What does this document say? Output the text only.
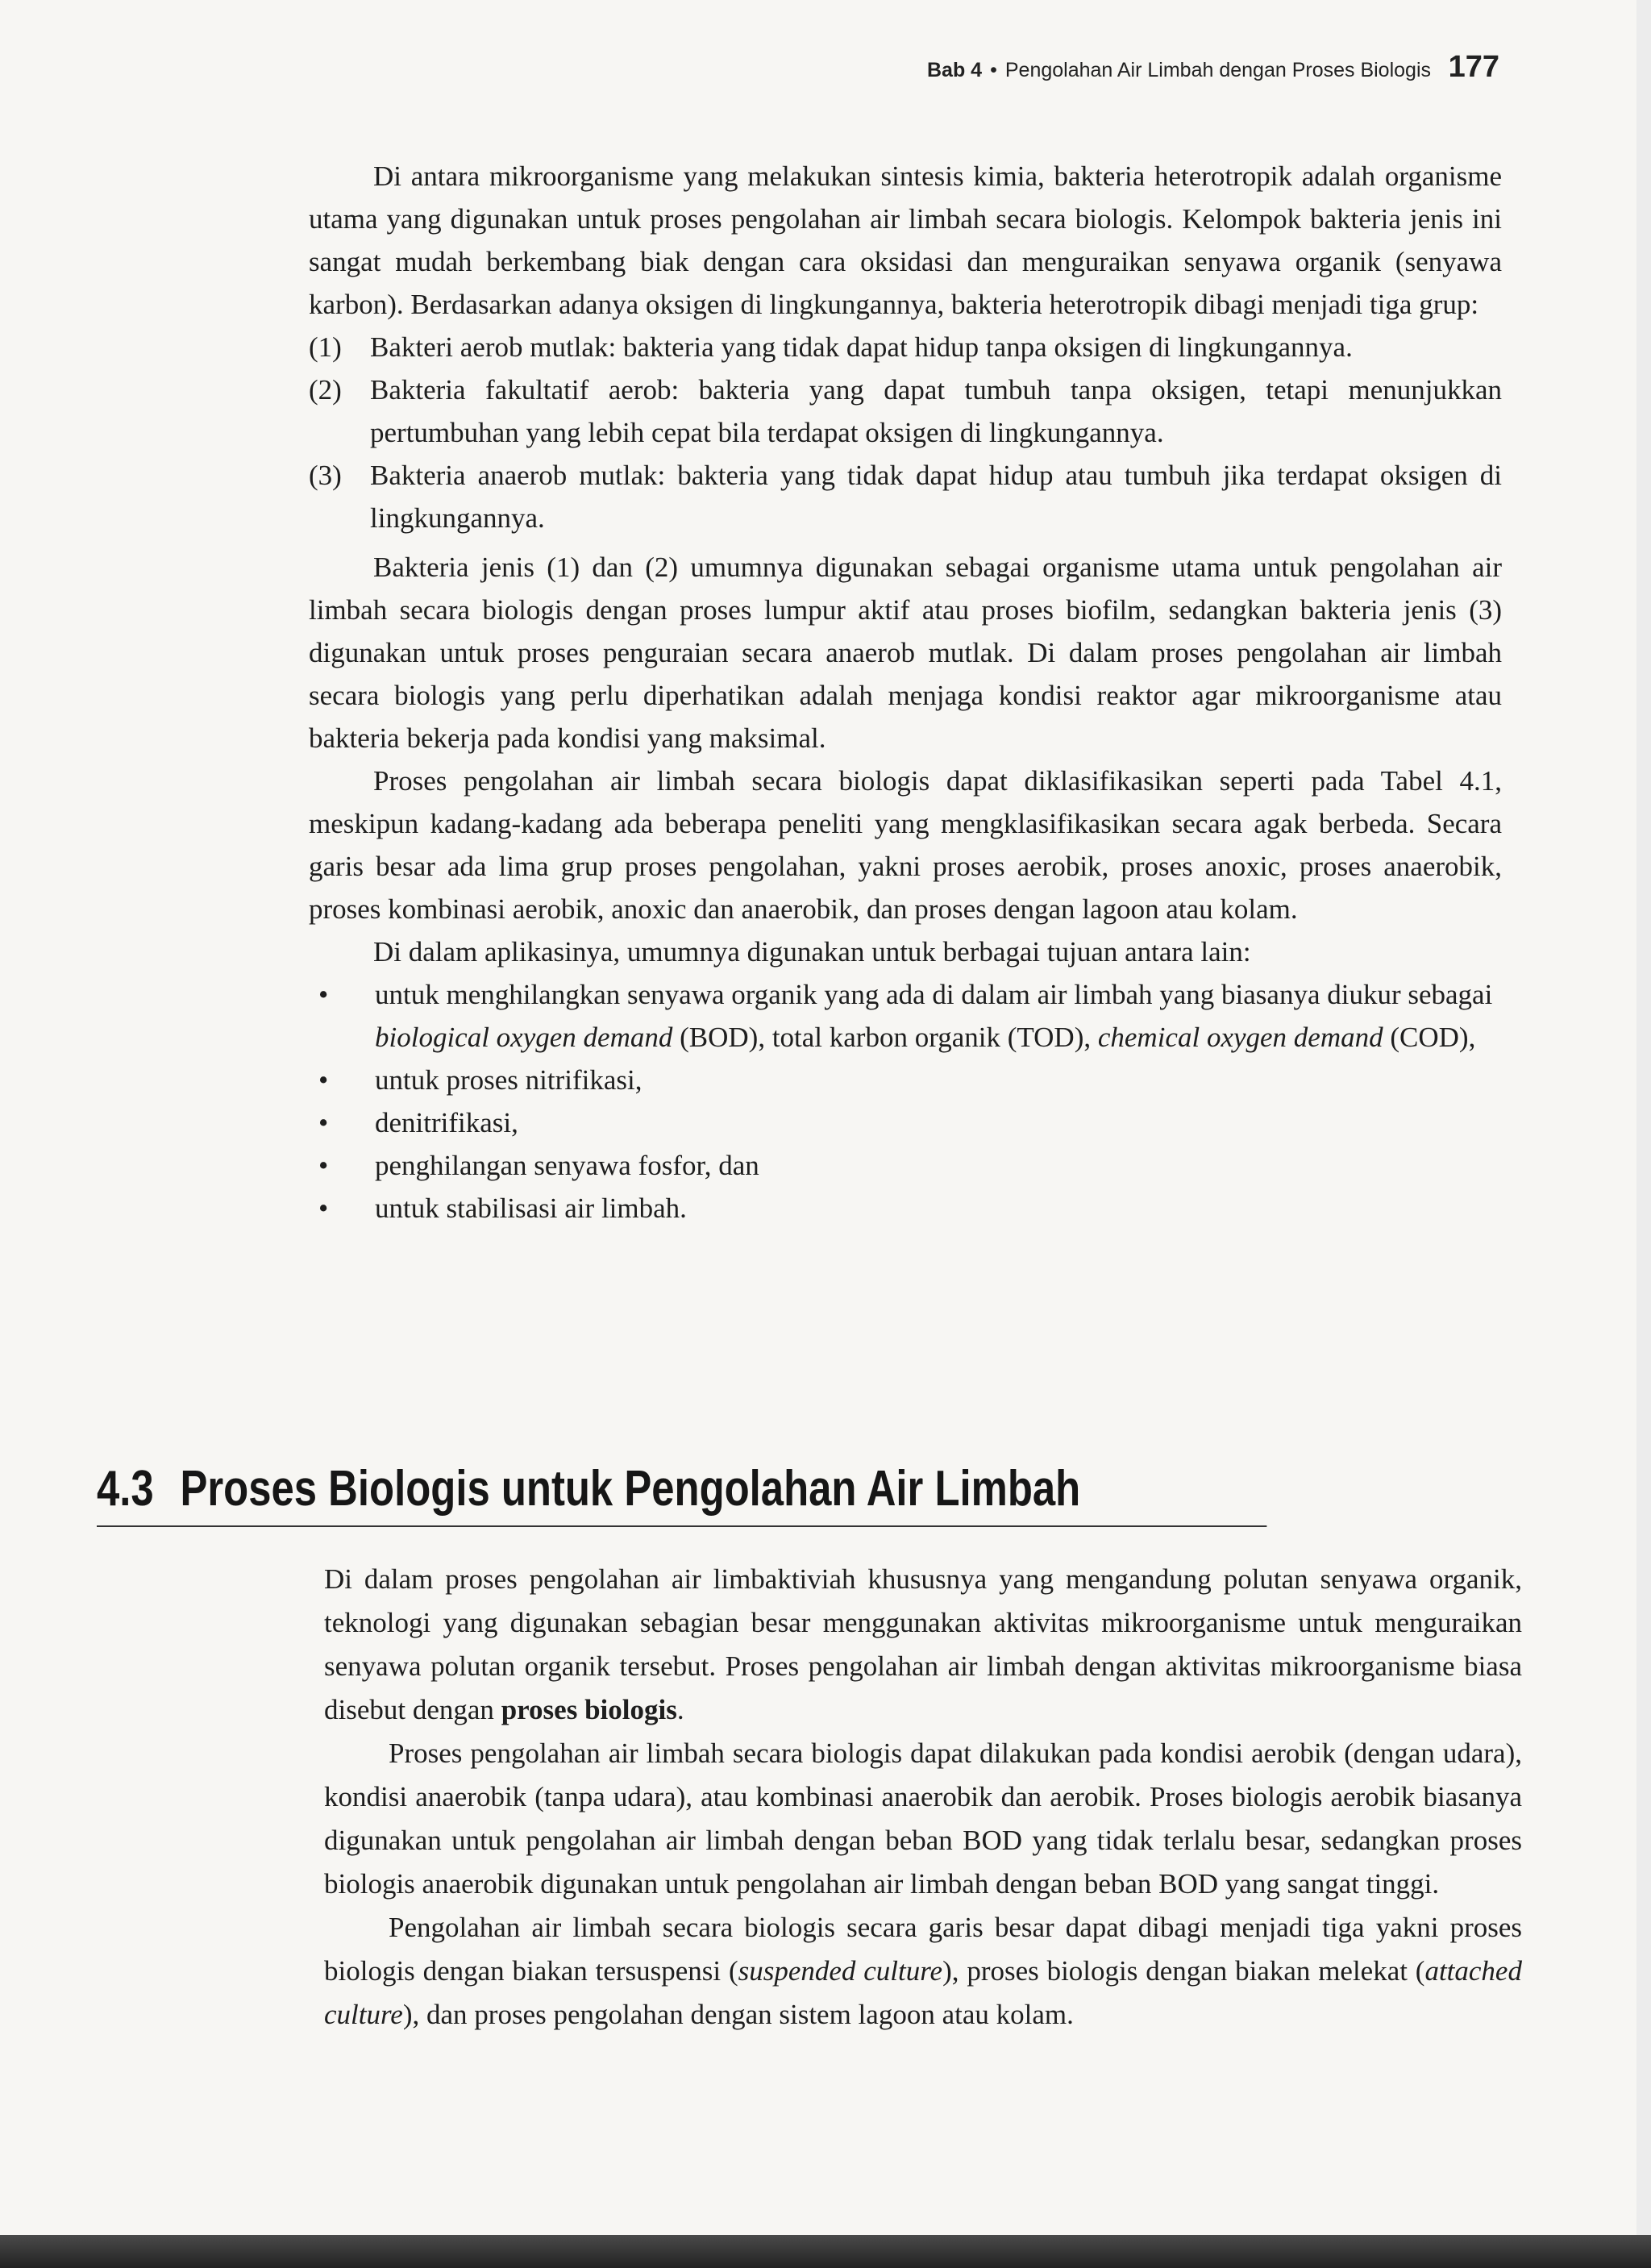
Bab 4 • Pengolahan Air Limbah dengan Proses Biologis 177

Di antara mikroorganisme yang melakukan sintesis kimia, bakteria heterotropik adalah organisme utama yang digunakan untuk proses pengolahan air limbah secara biologis. Kelompok bakteria jenis ini sangat mudah berkembang biak dengan cara oksidasi dan menguraikan senyawa organik (senyawa karbon). Berdasarkan adanya oksigen di lingkungannya, bakteria heterotropik dibagi menjadi tiga grup:

(1) Bakteri aerob mutlak: bakteria yang tidak dapat hidup tanpa oksigen di lingkungannya.
(2) Bakteria fakultatif aerob: bakteria yang dapat tumbuh tanpa oksigen, tetapi menunjukkan pertumbuhan yang lebih cepat bila terdapat oksigen di lingkungannya.
(3) Bakteria anaerob mutlak: bakteria yang tidak dapat hidup atau tumbuh jika terdapat oksigen di lingkungannya.

Bakteria jenis (1) dan (2) umumnya digunakan sebagai organisme utama untuk pengolahan air limbah secara biologis dengan proses lumpur aktif atau proses biofilm, sedangkan bakteria jenis (3) digunakan untuk proses penguraian secara anaerob mutlak. Di dalam proses pengolahan air limbah secara biologis yang perlu diperhatikan adalah menjaga kondisi reaktor agar mikroorganisme atau bakteria bekerja pada kondisi yang maksimal.

Proses pengolahan air limbah secara biologis dapat diklasifikasikan seperti pada Tabel 4.1, meskipun kadang-kadang ada beberapa peneliti yang mengklasifikasikan secara agak berbeda. Secara garis besar ada lima grup proses pengolahan, yakni proses aerobik, proses anoxic, proses anaerobik, proses kombinasi aerobik, anoxic dan anaerobik, dan proses dengan lagoon atau kolam.

Di dalam aplikasinya, umumnya digunakan untuk berbagai tujuan antara lain:

• untuk menghilangkan senyawa organik yang ada di dalam air limbah yang biasanya diukur sebagai biological oxygen demand (BOD), total karbon organik (TOD), chemical oxygen demand (COD),
• untuk proses nitrifikasi,
• denitrifikasi,
• penghilangan senyawa fosfor, dan
• untuk stabilisasi air limbah.
4.3 Proses Biologis untuk Pengolahan Air Limbah

Di dalam proses pengolahan air limbaktiviah khususnya yang mengandung polutan senyawa organik, teknologi yang digunakan sebagian besar menggunakan aktivitas mikroorganisme untuk menguraikan senyawa polutan organik tersebut. Proses pengolahan air limbah dengan aktivitas mikroorganisme biasa disebut dengan proses biologis.

Proses pengolahan air limbah secara biologis dapat dilakukan pada kondisi aerobik (dengan udara), kondisi anaerobik (tanpa udara), atau kombinasi anaerobik dan aerobik. Proses biologis aerobik biasanya digunakan untuk pengolahan air limbah dengan beban BOD yang tidak terlalu besar, sedangkan proses biologis anaerobik digunakan untuk pengolahan air limbah dengan beban BOD yang sangat tinggi.

Pengolahan air limbah secara biologis secara garis besar dapat dibagi menjadi tiga yakni proses biologis dengan biakan tersuspensi (suspended culture), proses biologis dengan biakan melekat (attached culture), dan proses pengolahan dengan sistem lagoon atau kolam.
